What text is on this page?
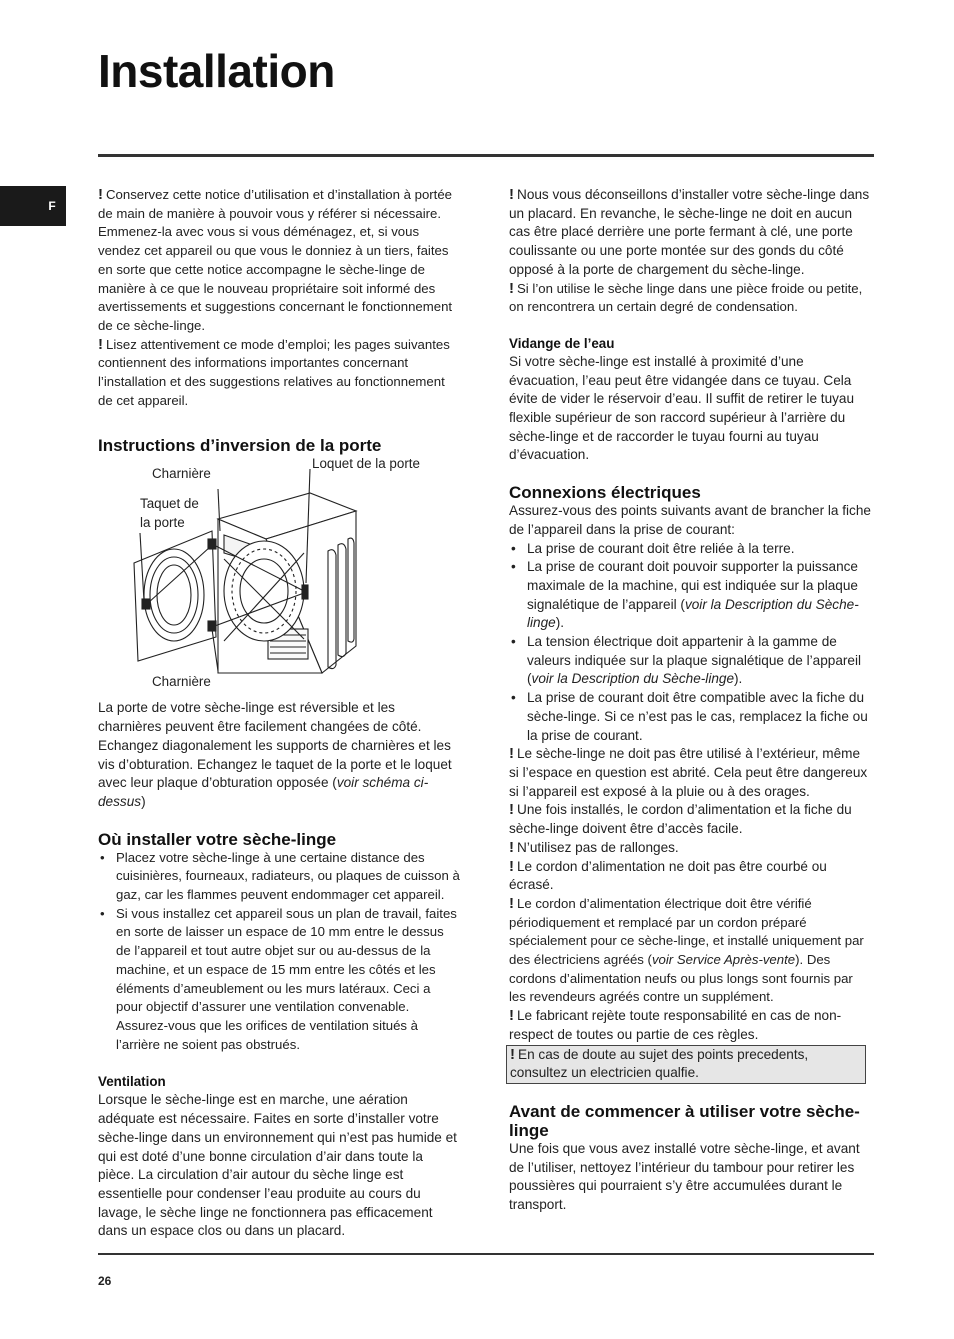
Installation
F

! Conservez cette notice d’utilisation et d’installation à portée de main de manière à pouvoir vous y référer si nécessaire. Emmenez-la avec vous si vous déménagez, et, si vous vendez cet appareil ou que vous le donniez à un tiers, faites en sorte que cette notice accompagne le sèche-linge de manière à ce que le nouveau propriétaire soit informé des avertissements et suggestions concernant le fonctionnement de ce sèche-linge.

! Lisez attentivement ce mode d’emploi; les pages suivantes contiennent des informations importantes concernant l’installation et des suggestions relatives au fonctionnement de cet appareil.

Instructions d’inversion de la porte
Charnière
Loquet de la porte
Taquet de la porte
Charnière

La porte de votre sèche-linge est réversible et les charnières peuvent être facilement changées de côté. Echangez diagonalement les supports de charnières et les vis d’obturation. Echangez le taquet de la porte et le loquet avec leur plaque d’obturation opposée (voir schéma ci-dessus)

Où installer votre sèche-linge
• Placez votre sèche-linge à une certaine distance des cuisinières, fourneaux, radiateurs, ou plaques de cuisson à gaz, car les flammes peuvent endommager cet appareil.
• Si vous installez cet appareil sous un plan de travail, faites en sorte de laisser un espace de 10 mm entre le dessus de l’appareil et tout autre objet sur ou au-dessus de la machine, et un espace de 15 mm entre les côtés et les éléments d’ameublement ou les murs latéraux. Ceci a pour objectif d’assurer une ventilation convenable. Assurez-vous que les orifices de ventilation situés à l’arrière ne soient pas obstrués.
Ventilation

Lorsque le sèche-linge est en marche, une aération adéquate est nécessaire. Faites en sorte d’installer votre sèche-linge dans un environnement qui n’est pas humide et qui est doté d’une bonne circulation d’air dans toute la pièce. La circulation d’air autour du sèche linge est essentielle pour condenser l’eau produite au cours du lavage, le sèche linge ne fonctionnera pas efficacement dans un espace clos ou dans un placard.

! Nous vous déconseillons d’installer votre sèche-linge dans un placard. En revanche, le sèche-linge ne doit en aucun cas être placé derrière une porte fermant à clé, une porte coulissante ou une porte montée sur des gonds du côté opposé à la porte de chargement du sèche-linge.

! Si l’on utilise le sèche linge dans une pièce froide ou petite, on rencontrera un certain degré de condensation.

Vidange de l’eau

Si votre sèche-linge est installé à proximité d’une évacuation, l’eau peut être vidangée dans ce tuyau. Cela évite de vider le réservoir d’eau. Il suffit de retirer le tuyau flexible supérieur de son raccord supérieur à l’arrière du sèche-linge et de raccorder le tuyau fourni au tuyau d’évacuation.

Connexions électriques

Assurez-vous des points suivants avant de brancher la fiche de l’appareil dans la prise de courant:

• La prise de courant doit être reliée à la terre.
• La prise de courant doit pouvoir supporter la puissance maximale de la machine, qui est indiquée sur la plaque signalétique de l’appareil (voir la Description du Sèche-linge).
• La tension électrique doit appartenir à la gamme de valeurs indiquée sur la plaque signalétique de l’appareil (voir la Description du Sèche-linge).
• La prise de courant doit être compatible avec la fiche du sèche-linge. Si ce n’est pas le cas, remplacez la fiche ou la prise de courant.

! Le sèche-linge ne doit pas être utilisé à l’extérieur, même si l’espace en question est abrité. Cela peut être dangereux si l’appareil est exposé à la pluie ou à des orages.

! Une fois installés, le cordon d’alimentation et la fiche du sèche-linge doivent être d’accès facile.

! N’utilisez pas de rallonges.

! Le cordon d’alimentation ne doit pas être courbé ou écrasé.

! Le cordon d’alimentation électrique doit être vérifié périodiquement et remplacé par un cordon préparé spécialement pour ce sèche-linge, et installé uniquement par des électriciens agréés (voir Service Après-vente). Des cordons d’alimentation neufs ou plus longs sont fournis par les revendeurs agréés contre un supplément.

! Le fabricant rejète toute responsabilité en cas de non-respect de toutes ou partie de ces règles.

! En cas de doute au sujet des points precedents, consultez un electricien qualfie.

Avant de commencer à utiliser votre sèche-linge

Une fois que vous avez installé votre sèche-linge, et avant de l’utiliser, nettoyez l’intérieur du tambour pour retirer les poussières qui pourraient s’y être accumulées durant le transport.

26
